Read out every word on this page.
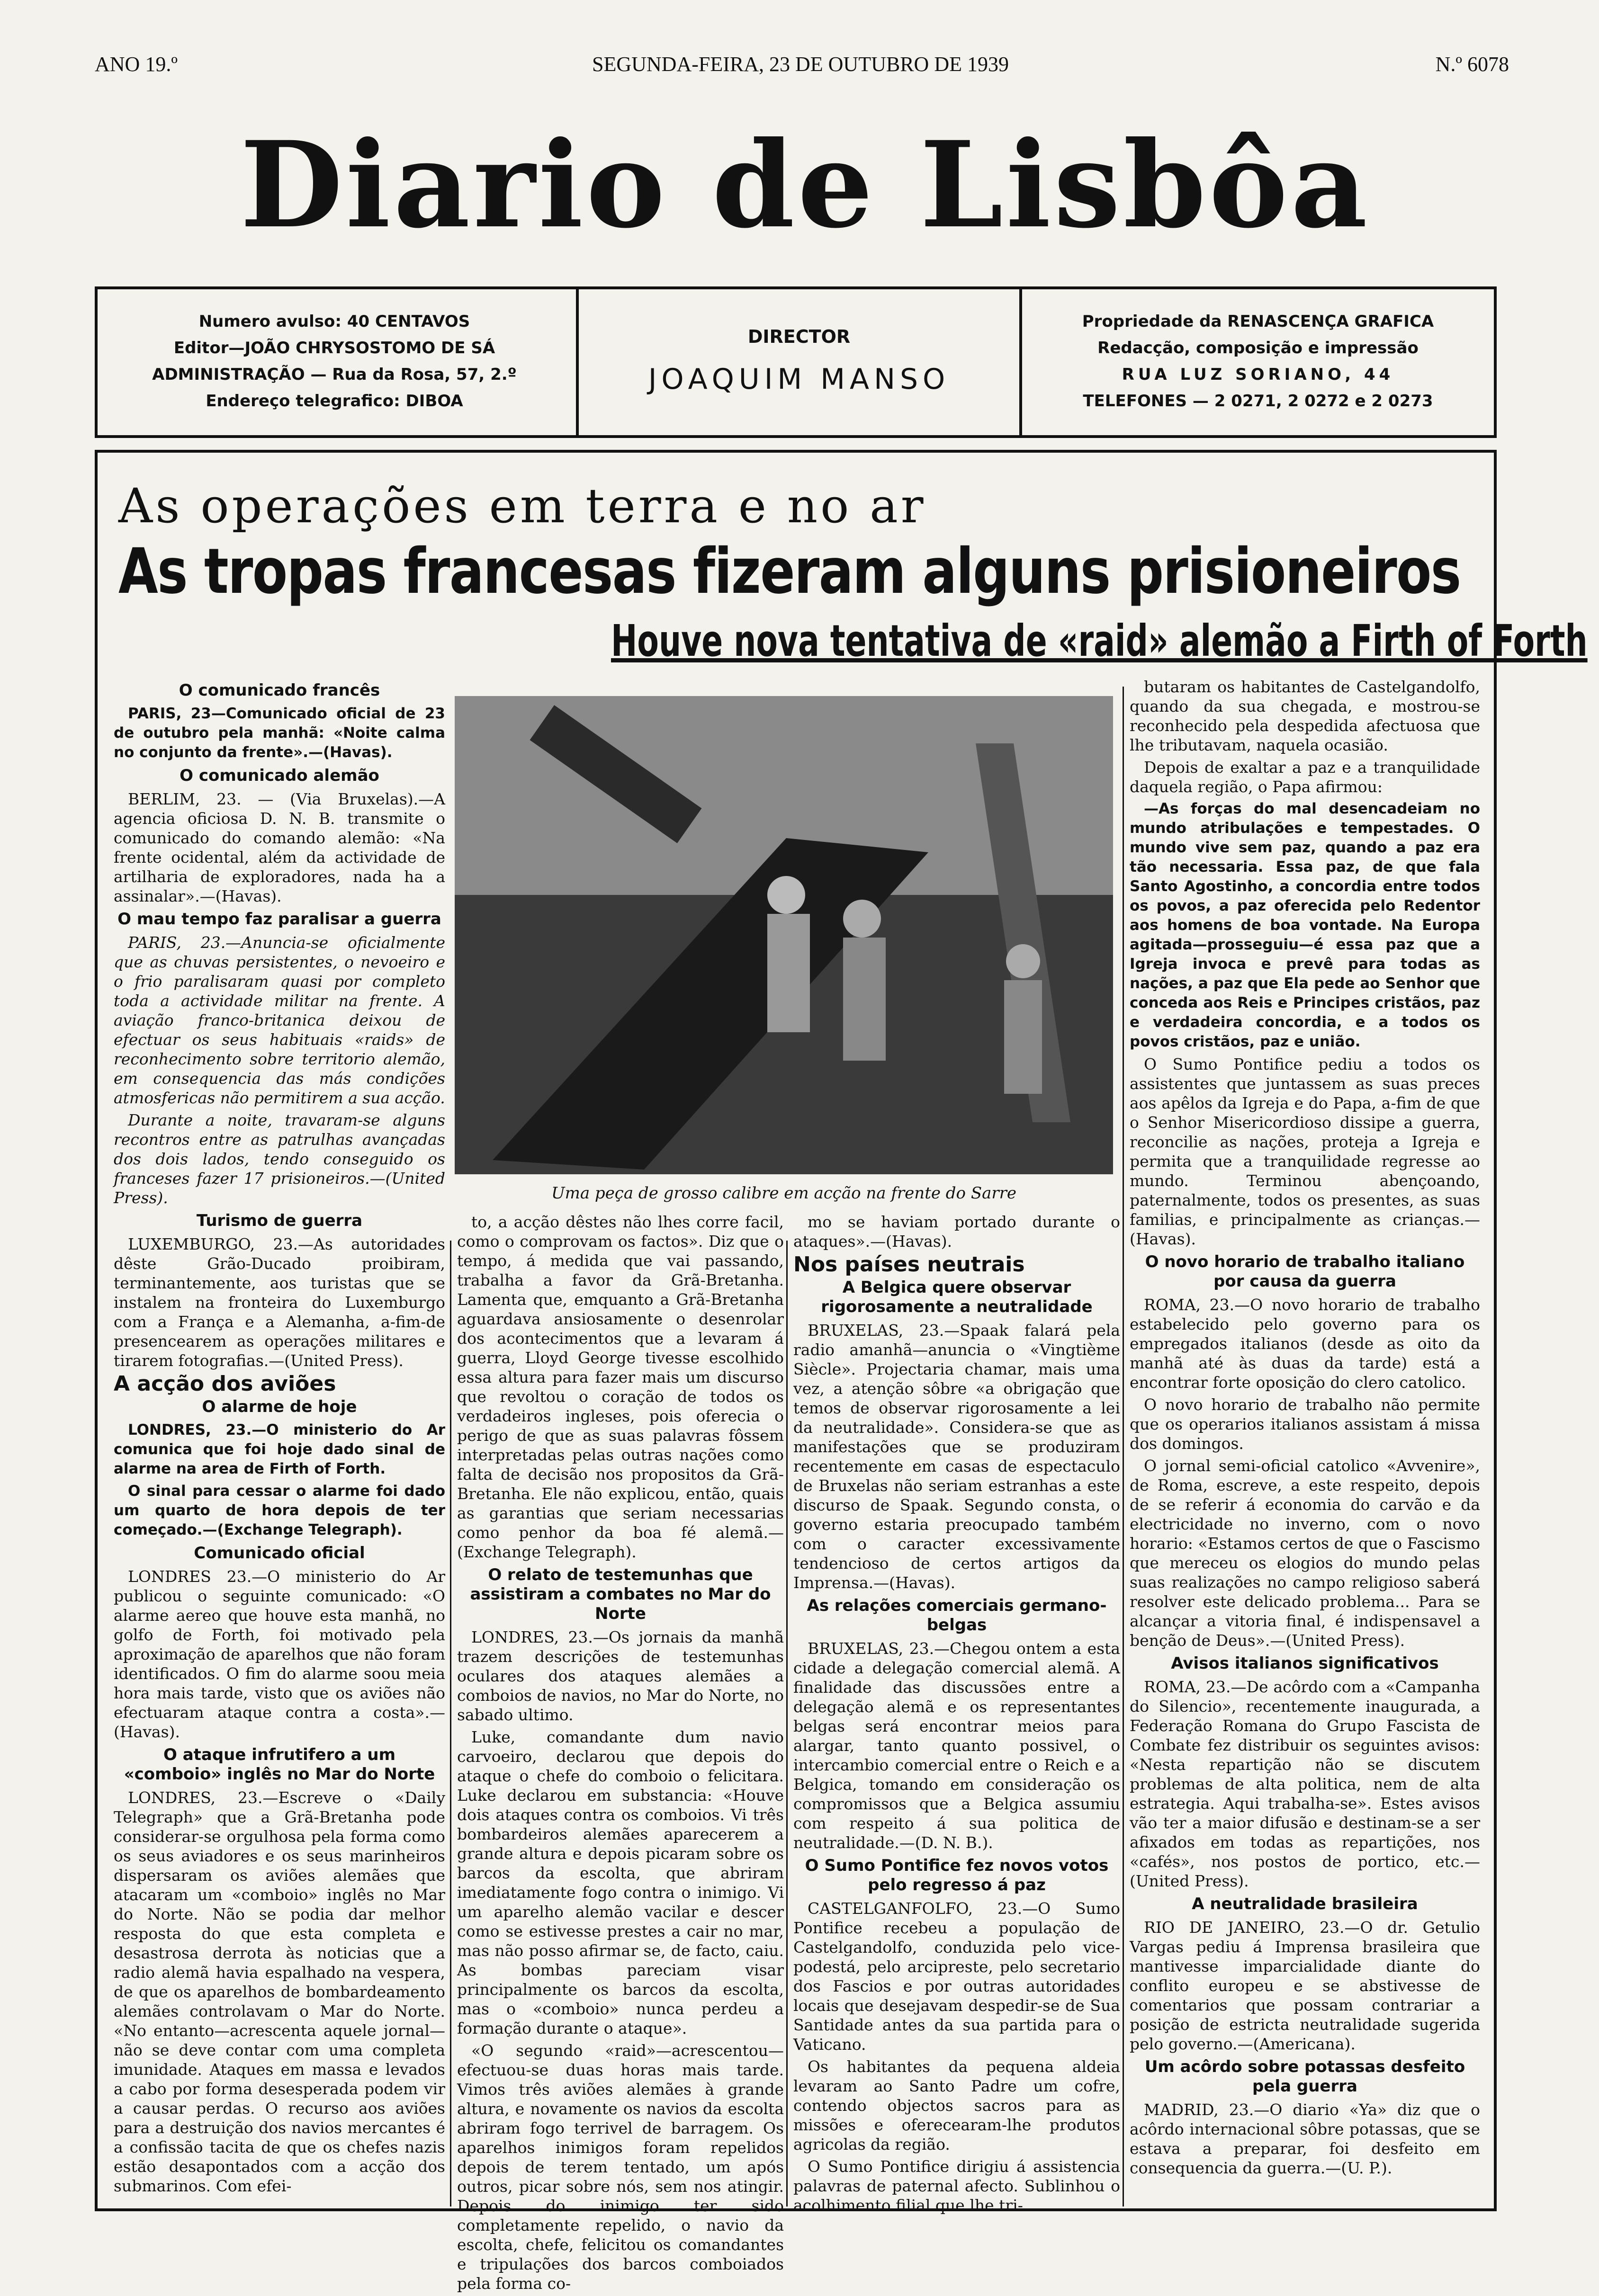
ANO 19.º	SEGUNDA-FEIRA, 23 DE OUTUBRO DE 1939	N.º 6078
Diario de Lisbôa
Numero avulso: 40 CENTAVOS
Editor—JOÃO CHRYSOSTOMO DE SÁ
ADMINISTRAÇÃO — Rua da Rosa, 57, 2.º
Endereço telegrafico: DIBOA
DIRECTOR
JOAQUIM MANSO
Propriedade da RENASCENÇA GRAFICA
Redacção, composição e impressão
RUA LUZ SORIANO, 44
TELEFONES — 2 0271, 2 0272 e 2 0273
As operações em terra e no ar
As tropas francesas fizeram alguns prisioneiros
Houve nova tentativa de «raid» alemão a Firth of Forth
O comunicado francês

PARIS, 23—Comunicado oficial de 23 de outubro pela manhã: «Noite calma no conjunto da frente».—(Havas).

O comunicado alemão

BERLIM, 23. — (Via Bruxelas).—A agencia oficiosa D. N. B. transmite o comunicado do comando alemão: «Na frente ocidental, além da actividade de artilharia de exploradores, nada ha a assinalar».—(Havas).

O mau tempo faz paralisar a guerra

PARIS, 23.—Anuncia-se oficialmente que as chuvas persistentes, o nevoeiro e o frio paralisaram quasi por completo toda a actividade militar na frente. A aviação franco-britanica deixou de efectuar os seus habituais «raids» de reconhecimento sobre territorio alemão, em consequencia das más condições atmosfericas não permitirem a sua acção.

Durante a noite, travaram-se alguns recontros entre as patrulhas avançadas dos dois lados, tendo conseguido os franceses fazer 17 prisioneiros.—(United Press).

Turismo de guerra

LUXEMBURGO, 23.—As autoridades dêste Grão-Ducado proibiram, terminantemente, aos turistas que se instalem na fronteira do Luxemburgo com a França e a Alemanha, a-fim-de presencearem as operações militares e tirarem fotografias.—(United Press).

A acção dos aviões
O alarme de hoje

LONDRES, 23.—O ministerio do Ar comunica que foi hoje dado sinal de alarme na area de Firth of Forth.

O sinal para cessar o alarme foi dado um quarto de hora depois de ter começado.—(Exchange Telegraph).

Comunicado oficial

LONDRES 23.—O ministerio do Ar publicou o seguinte comunicado: «O alarme aereo que houve esta manhã, no golfo de Forth, foi motivado pela aproximação de aparelhos que não foram identificados. O fim do alarme soou meia hora mais tarde, visto que os aviões não efectuaram ataque contra a costa».—(Havas).

O ataque infrutifero a um «comboio» inglês no Mar do Norte

LONDRES, 23.—Escreve o «Daily Telegraph» que a Grã-Bretanha pode considerar-se orgulhosa pela forma como os seus aviadores e os seus marinheiros dispersaram os aviões alemães que atacaram um «comboio» inglês no Mar do Norte. Não se podia dar melhor resposta do que esta completa e desastrosa derrota às noticias que a radio alemã havia espalhado na vespera, de que os aparelhos de bombardeamento alemães controlavam o Mar do Norte. «No entanto—acrescenta aquele jornal—não se deve contar com uma completa imunidade. Ataques em massa e levados a cabo por forma desesperada podem vir a causar perdas. O recurso aos aviões para a destruição dos navios mercantes é a confissão tacita de que os chefes nazis estão desapontados com a acção dos submarinos. Com efei-

Uma peça de grosso calibre em acção na frente do Sarre

to, a acção dêstes não lhes corre facil, como o comprovam os factos». Diz que o tempo, á medida que vai passando, trabalha a favor da Grã-Bretanha. Lamenta que, emquanto a Grã-Bretanha aguardava ansiosamente o desenrolar dos acontecimentos que a levaram á guerra, Lloyd George tivesse escolhido essa altura para fazer mais um discurso que revoltou o coração de todos os verdadeiros ingleses, pois oferecia o perigo de que as suas palavras fôssem interpretadas pelas outras nações como falta de decisão nos propositos da Grã-Bretanha. Ele não explicou, então, quais as garantias que seriam necessarias como penhor da boa fé alemã.—(Exchange Telegraph).

O relato de testemunhas que assistiram a combates no Mar do Norte

LONDRES, 23.—Os jornais da manhã trazem descrições de testemunhas oculares dos ataques alemães a comboios de navios, no Mar do Norte, no sabado ultimo.

Luke, comandante dum navio carvoeiro, declarou que depois do ataque o chefe do comboio o felicitara. Luke declarou em substancia: «Houve dois ataques contra os comboios. Vi três bombardeiros alemães aparecerem a grande altura e depois picaram sobre os barcos da escolta, que abriram imediatamente fogo contra o inimigo. Vi um aparelho alemão vacilar e descer como se estivesse prestes a cair no mar, mas não posso afirmar se, de facto, caiu. As bombas pareciam visar principalmente os barcos da escolta, mas o «comboio» nunca perdeu a formação durante o ataque».

«O segundo «raid»—acrescentou—efectuou-se duas horas mais tarde. Vimos três aviões alemães à grande altura, e novamente os navios da escolta abriram fogo terrivel de barragem. Os aparelhos inimigos foram repelidos depois de terem tentado, um após outros, picar sobre nós, sem nos atingir. Depois do inimigo ter sido completamente repelido, o navio da escolta, chefe, felicitou os comandantes e tripulações dos barcos comboiados pela forma co-

mo se haviam portado durante o ataques».—(Havas).

Nos países neutrais
A Belgica quere observar rigorosamente a neutralidade

BRUXELAS, 23.—Spaak falará pela radio amanhã—anuncia o «Vingtième Siècle». Projectaria chamar, mais uma vez, a atenção sôbre «a obrigação que temos de observar rigorosamente a lei da neutralidade». Considera-se que as manifestações que se produziram recentemente em casas de espectaculo de Bruxelas não seriam estranhas a este discurso de Spaak. Segundo consta, o governo estaria preocupado também com o caracter excessivamente tendencioso de certos artigos da Imprensa.—(Havas).

As relações comerciais germano-belgas

BRUXELAS, 23.—Chegou ontem a esta cidade a delegação comercial alemã. A finalidade das discussões entre a delegação alemã e os representantes belgas será encontrar meios para alargar, tanto quanto possivel, o intercambio comercial entre o Reich e a Belgica, tomando em consideração os compromissos que a Belgica assumiu com respeito á sua politica de neutralidade.—(D. N. B.).

O Sumo Pontifice fez novos votos pelo regresso á paz

CASTELGANFOLFO, 23.—O Sumo Pontifice recebeu a população de Castelgandolfo, conduzida pelo vice-podestá, pelo arcipreste, pelo secretario dos Fascios e por outras autoridades locais que desejavam despedir-se de Sua Santidade antes da sua partida para o Vaticano.

Os habitantes da pequena aldeia levaram ao Santo Padre um cofre, contendo objectos sacros para as missões e oferecearam-lhe produtos agricolas da região.

O Sumo Pontifice dirigiu á assistencia palavras de paternal afecto. Sublinhou o acolhimento filial que lhe tri-

butaram os habitantes de Castelgandolfo, quando da sua chegada, e mostrou-se reconhecido pela despedida afectuosa que lhe tributavam, naquela ocasião.

Depois de exaltar a paz e a tranquilidade daquela região, o Papa afirmou:

—As forças do mal desencadeiam no mundo atribulações e tempestades. O mundo vive sem paz, quando a paz era tão necessaria. Essa paz, de que fala Santo Agostinho, a concordia entre todos os povos, a paz oferecida pelo Redentor aos homens de boa vontade. Na Europa agitada—prosseguiu—é essa paz que a Igreja invoca e prevê para todas as nações, a paz que Ela pede ao Senhor que conceda aos Reis e Principes cristãos, paz e verdadeira concordia, e a todos os povos cristãos, paz e união.

O Sumo Pontifice pediu a todos os assistentes que juntassem as suas preces aos apêlos da Igreja e do Papa, a-fim de que o Senhor Misericordioso dissipe a guerra, reconcilie as nações, proteja a Igreja e permita que a tranquilidade regresse ao mundo. Terminou abençoando, paternalmente, todos os presentes, as suas familias, e principalmente as crianças.—(Havas).

O novo horario de trabalho italiano por causa da guerra

ROMA, 23.—O novo horario de trabalho estabelecido pelo governo para os empregados italianos (desde as oito da manhã até às duas da tarde) está a encontrar forte oposição do clero catolico.

O novo horario de trabalho não permite que os operarios italianos assistam á missa dos domingos.

O jornal semi-oficial catolico «Avvenire», de Roma, escreve, a este respeito, depois de se referir á economia do carvão e da electricidade no inverno, com o novo horario: «Estamos certos de que o Fascismo que mereceu os elogios do mundo pelas suas realizações no campo religioso saberá resolver este delicado problema... Para se alcançar a vitoria final, é indispensavel a benção de Deus».—(United Press).

Avisos italianos significativos

ROMA, 23.—De acôrdo com a «Campanha do Silencio», recentemente inaugurada, a Federação Romana do Grupo Fascista de Combate fez distribuir os seguintes avisos: «Nesta repartição não se discutem problemas de alta politica, nem de alta estrategia. Aqui trabalha-se». Estes avisos vão ter a maior difusão e destinam-se a ser afixados em todas as repartições, nos «cafés», nos postos de portico, etc.—(United Press).

A neutralidade brasileira

RIO DE JANEIRO, 23.—O dr. Getulio Vargas pediu á Imprensa brasileira que mantivesse imparcialidade diante do conflito europeu e se abstivesse de comentarios que possam contrariar a posição de estricta neutralidade sugerida pelo governo.—(Americana).

Um acôrdo sobre potassas desfeito pela guerra

MADRID, 23.—O diario «Ya» diz que o acôrdo internacional sôbre potassas, que se estava a preparar, foi desfeito em consequencia da guerra.—(U. P.).
